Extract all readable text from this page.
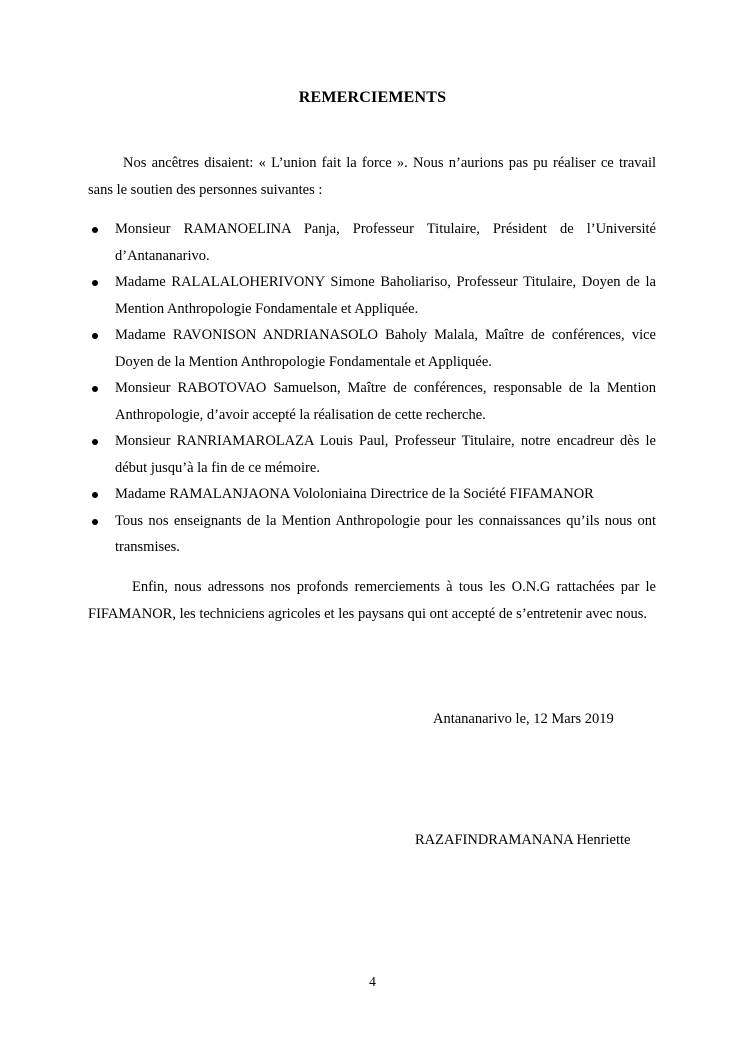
REMERCIEMENTS

Nos ancêtres disaient: « L’union fait la force ». Nous n’aurions pas pu réaliser ce travail sans le soutien des personnes suivantes :

Monsieur RAMANOELINA Panja, Professeur Titulaire, Président de l’Université d’Antananarivo.
Madame RALALALOHERIVONY Simone Baholiariso, Professeur Titulaire, Doyen de la Mention Anthropologie Fondamentale et Appliquée.
Madame RAVONISON ANDRIANASOLO Baholy Malala, Maître de conférences, vice Doyen de la Mention Anthropologie Fondamentale et Appliquée.
Monsieur RABOTOVAO Samuelson, Maître de conférences, responsable de la Mention Anthropologie, d’avoir accepté la réalisation de cette recherche.
Monsieur RANRIAMAROLAZA Louis Paul, Professeur Titulaire, notre encadreur dès le début jusqu’à la fin de ce mémoire.
Madame RAMALANJAONA Vololoniaina Directrice de la Société FIFAMANOR
Tous nos enseignants de la Mention Anthropologie pour les connaissances qu’ils nous ont transmises.

Enfin, nous adressons nos profonds remerciements à tous les O.N.G rattachées par le FIFAMANOR, les techniciens agricoles et les paysans qui ont accepté de s’entretenir avec nous.

Antananarivo le, 12 Mars 2019
RAZAFINDRAMANANA Henriette
4
